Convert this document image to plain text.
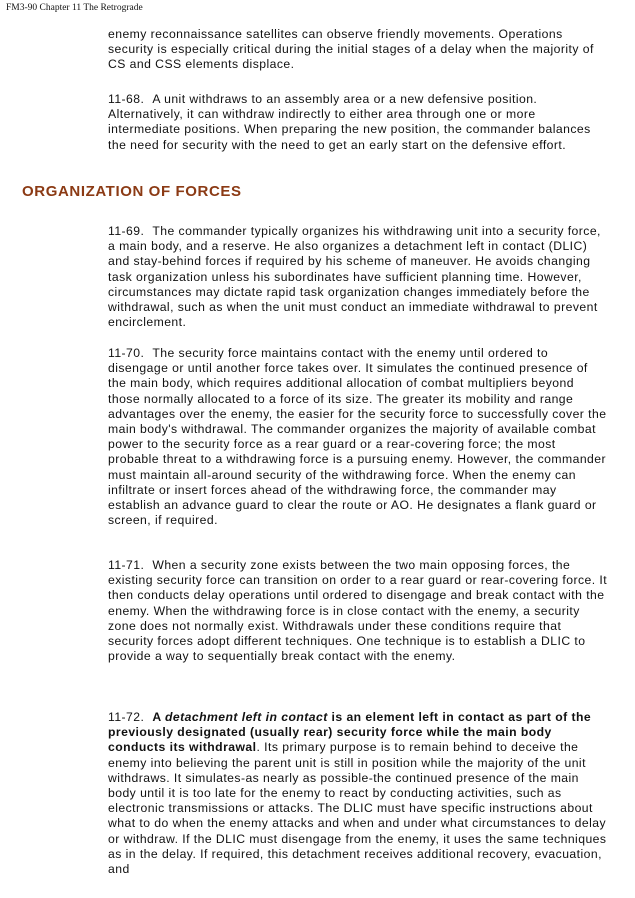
FM3-90 Chapter 11 The Retrograde

enemy reconnaissance satellites can observe friendly movements. Operations security is especially critical during the initial stages of a delay when the majority of CS and CSS elements displace.

11-68. A unit withdraws to an assembly area or a new defensive position. Alternatively, it can withdraw indirectly to either area through one or more intermediate positions. When preparing the new position, the commander balances the need for security with the need to get an early start on the defensive effort.

ORGANIZATION OF FORCES

11-69. The commander typically organizes his withdrawing unit into a security force, a main body, and a reserve. He also organizes a detachment left in contact (DLIC) and stay-behind forces if required by his scheme of maneuver. He avoids changing task organization unless his subordinates have sufficient planning time. However, circumstances may dictate rapid task organization changes immediately before the withdrawal, such as when the unit must conduct an immediate withdrawal to prevent encirclement.

11-70. The security force maintains contact with the enemy until ordered to disengage or until another force takes over. It simulates the continued presence of the main body, which requires additional allocation of combat multipliers beyond those normally allocated to a force of its size. The greater its mobility and range advantages over the enemy, the easier for the security force to successfully cover the main body's withdrawal. The commander organizes the majority of available combat power to the security force as a rear guard or a rear-covering force; the most probable threat to a withdrawing force is a pursuing enemy. However, the commander must maintain all-around security of the withdrawing force. When the enemy can infiltrate or insert forces ahead of the withdrawing force, the commander may establish an advance guard to clear the route or AO. He designates a flank guard or screen, if required.

11-71. When a security zone exists between the two main opposing forces, the existing security force can transition on order to a rear guard or rear-covering force. It then conducts delay operations until ordered to disengage and break contact with the enemy. When the withdrawing force is in close contact with the enemy, a security zone does not normally exist. Withdrawals under these conditions require that security forces adopt different techniques. One technique is to establish a DLIC to provide a way to sequentially break contact with the enemy.

11-72. A detachment left in contact is an element left in contact as part of the previously designated (usually rear) security force while the main body conducts its withdrawal. Its primary purpose is to remain behind to deceive the enemy into believing the parent unit is still in position while the majority of the unit withdraws. It simulates-as nearly as possible-the continued presence of the main body until it is too late for the enemy to react by conducting activities, such as electronic transmissions or attacks. The DLIC must have specific instructions about what to do when the enemy attacks and when and under what circumstances to delay or withdraw. If the DLIC must disengage from the enemy, it uses the same techniques as in the delay. If required, this detachment receives additional recovery, evacuation, and
